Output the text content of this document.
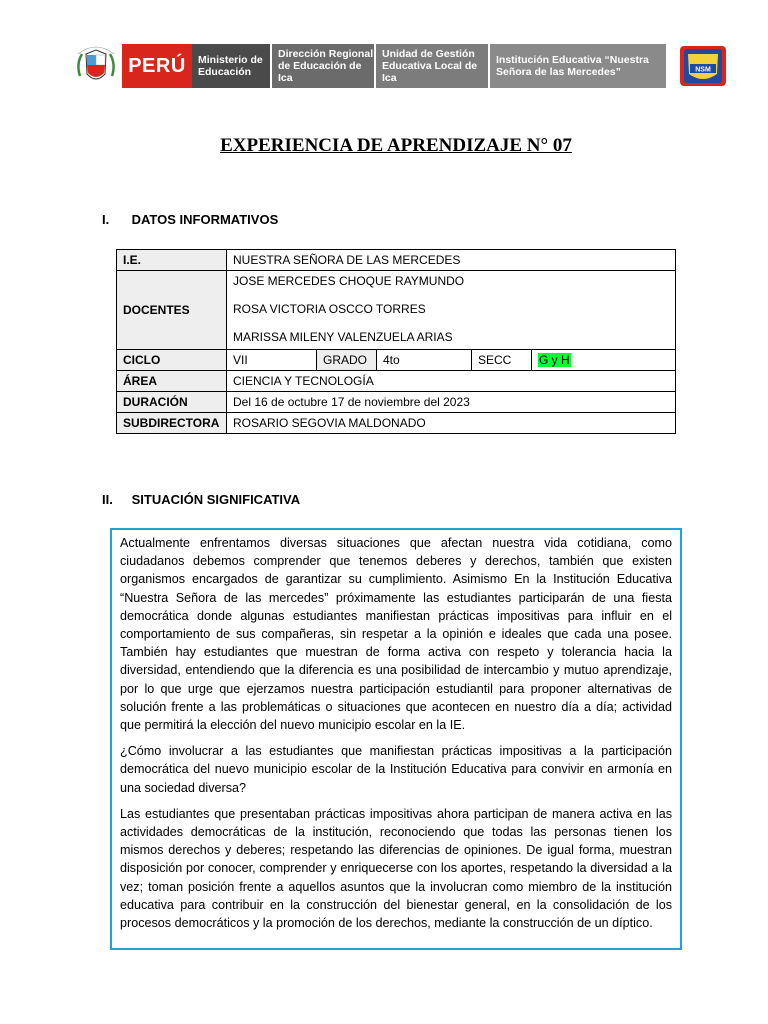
PERÚ	Ministerio de Educación
Dirección Regional de Educación de Ica
Unidad de Gestión Educativa Local de Ica
Institución Educativa “Nuestra Señora de las Mercedes”	NSM
EXPERIENCIA DE APRENDIZAJE N° 07
I. DATOS INFORMATIVOS
I.E.	NUESTRA SEÑORA DE LAS MERCEDES				
DOCENTES	JOSE MERCEDES CHOQUE RAYMUNDO
ROSA VICTORIA OSCCO TORRES
MARISSA MILENY VALENZUELA ARIAS				

CICLO	VII	GRADO	4to	SECC	G y H
ÁREA	CIENCIA Y TECNOLOGÍA				
DURACIÓN	Del 16 de octubre 17 de noviembre del 2023				
SUBDIRECTORA	ROSARIO SEGOVIA MALDONADO				
II. SITUACIÓN SIGNIFICATIVA

Actualmente enfrentamos diversas situaciones que afectan nuestra vida cotidiana, como ciudadanos debemos comprender que tenemos deberes y derechos, también que existen organismos encargados de garantizar su cumplimiento. Asimismo En la Institución Educativa “Nuestra Señora de las mercedes” próximamente las estudiantes participarán de una fiesta democrática donde algunas estudiantes manifiestan prácticas impositivas para influir en el comportamiento de sus compañeras, sin respetar a la opinión e ideales que cada una posee. También hay estudiantes que muestran de forma activa con respeto y tolerancia hacia la diversidad, entendiendo que la diferencia es una posibilidad de intercambio y mutuo aprendizaje, por lo que urge que ejerzamos nuestra participación estudiantil para proponer alternativas de solución frente a las problemáticas o situaciones que acontecen en nuestro día a día; actividad que permitirá la elección del nuevo municipio escolar en la IE.

¿Cómo involucrar a las estudiantes que manifiestan prácticas impositivas a la participación democrática del nuevo municipio escolar de la Institución Educativa para convivir en armonía en una sociedad diversa?

Las estudiantes que presentaban prácticas impositivas ahora participan de manera activa en las actividades democráticas de la institución, reconociendo que todas las personas tienen los mismos derechos y deberes; respetando las diferencias de opiniones. De igual forma, muestran disposición por conocer, comprender y enriquecerse con los aportes, respetando la diversidad a la vez; toman posición frente a aquellos asuntos que la involucran como miembro de la institución educativa para contribuir en la construcción del bienestar general, en la consolidación de los procesos democráticos y la promoción de los derechos, mediante la construcción de un díptico.
